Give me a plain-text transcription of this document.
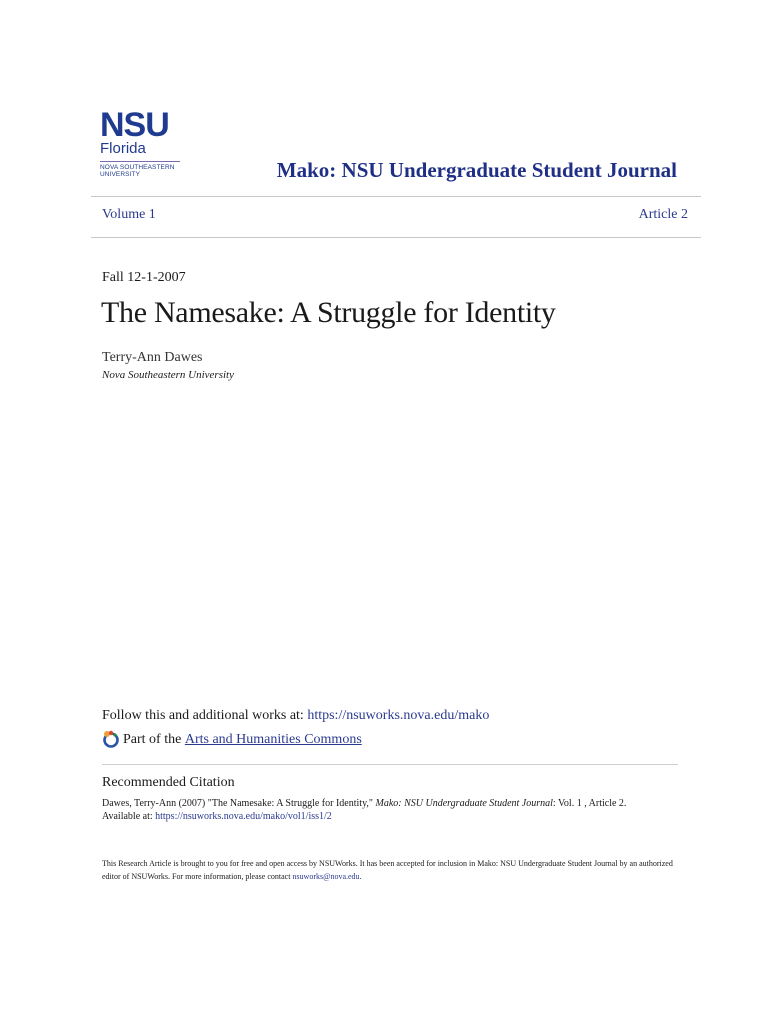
NSU
Florida
NOVA SOUTHEASTERN
UNIVERSITY	Mako: NSU Undergraduate Student Journal
Volume 1	Article 2
Fall 12-1-2007
The Namesake: A Struggle for Identity
Terry-Ann Dawes
Nova Southeastern University
Follow this and additional works at: https://nsuworks.nova.edu/mako
Part of the
Arts and Humanities Commons
Recommended Citation
Dawes, Terry-Ann (2007) "The Namesake: A Struggle for Identity," Mako: NSU Undergraduate Student Journal: Vol. 1 , Article 2.
Available at: https://nsuworks.nova.edu/mako/vol1/iss1/2
This Research Article is brought to you for free and open access by NSUWorks. It has been accepted for inclusion in Mako: NSU Undergraduate Student Journal by an authorized editor of NSUWorks. For more information, please contact nsuworks@nova.edu.
